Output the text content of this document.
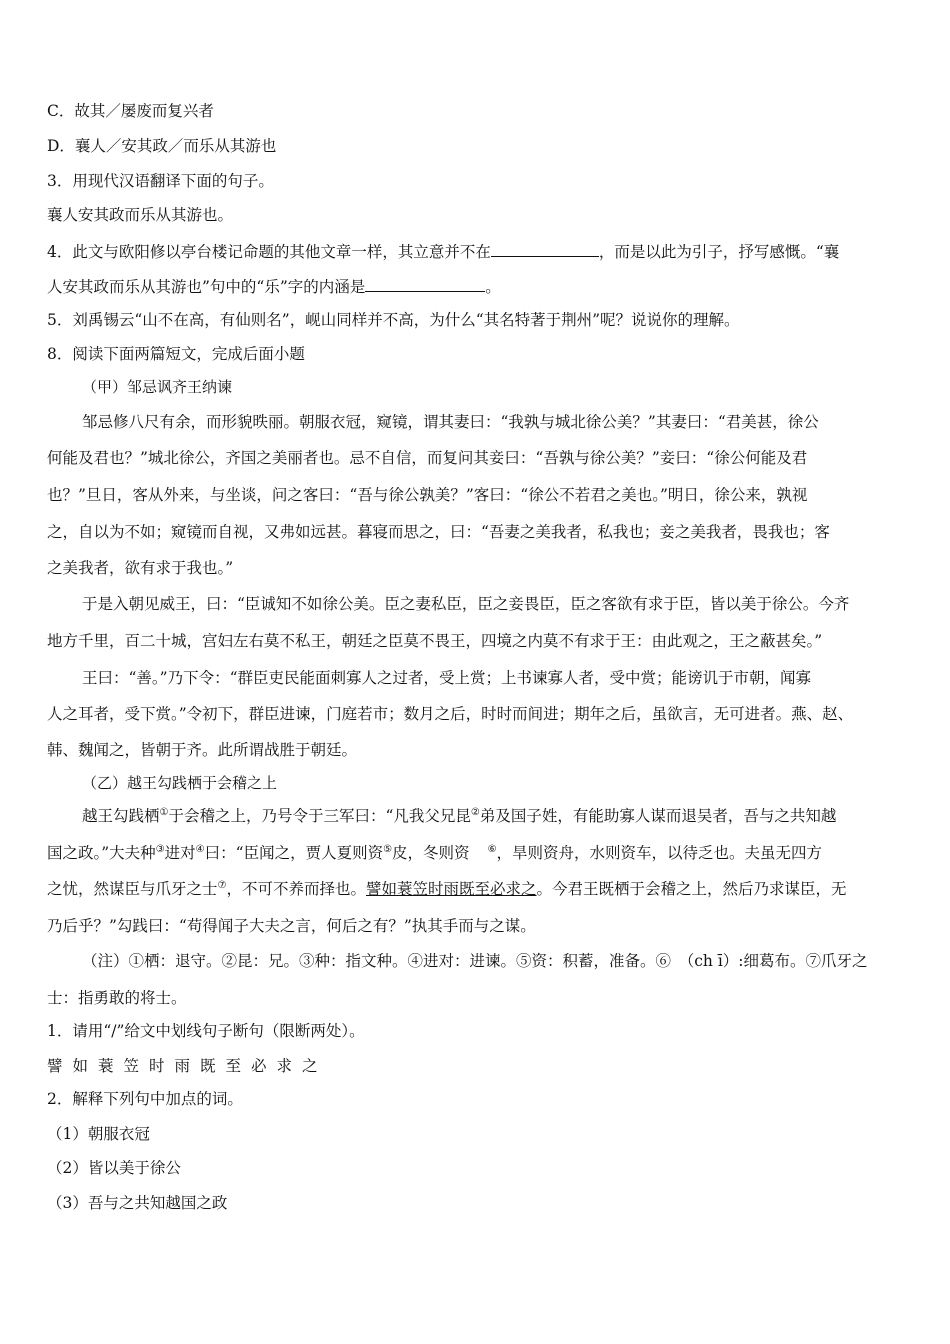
C．故其／屡废而复兴者
D．襄人／安其政／而乐从其游也
3．用现代汉语翻译下面的句子。
襄人安其政而乐从其游也。
4．此文与欧阳修以亭台楼记命题的其他文章一样，其立意并不在	，而是以此为引子，抒写感慨。“襄
人安其政而乐从其游也”句中的“乐”字的内涵是	。
5．刘禹锡云“山不在高，有仙则名”，岘山同样并不高，为什么“其名特著于荆州”呢？说说你的理解。
8．阅读下面两篇短文，完成后面小题
（甲）邹忌讽齐王纳谏
邹忌修八尺有余，而形貌昳丽。朝服衣冠，窥镜，谓其妻曰：“我孰与城北徐公美？”其妻曰：“君美甚，徐公
何能及君也？”城北徐公，齐国之美丽者也。忌不自信，而复问其妾曰：“吾孰与徐公美？”妾曰：“徐公何能及君
也？”旦日，客从外来，与坐谈，问之客曰：“吾与徐公孰美？”客曰：“徐公不若君之美也。”明日，徐公来，孰视
之，自以为不如；窥镜而自视，又弗如远甚。暮寝而思之，曰：“吾妻之美我者，私我也；妾之美我者，畏我也；客
之美我者，欲有求于我也。”
于是入朝见威王，曰：“臣诚知不如徐公美。臣之妻私臣，臣之妾畏臣，臣之客欲有求于臣，皆以美于徐公。今齐
地方千里，百二十城，宫妇左右莫不私王，朝廷之臣莫不畏王，四境之内莫不有求于王：由此观之，王之蔽甚矣。”
王曰：“善。”乃下令：“群臣吏民能面刺寡人之过者，受上赏；上书谏寡人者，受中赏；能谤讥于市朝，闻寡
人之耳者，受下赏。”令初下，群臣进谏，门庭若市；数月之后，时时而间进；期年之后，虽欲言，无可进者。燕、赵、
韩、魏闻之，皆朝于齐。此所谓战胜于朝廷。
（乙）越王勾践栖于会稽之上
越王勾践栖①于会稽之上，乃号令于三军曰：“凡我父兄昆②弟及国子姓，有能助寡人谋而退吴者，吾与之共知越
国之政。”大夫种③进对④曰：“臣闻之，贾人夏则资⑤皮，冬则资 ⑥，旱则资舟，水则资车，以待乏也。夫虽无四方
之忧，然谋臣与爪牙之士⑦，不可不养而择也。譬如蓑笠时雨既至必求之。今君王既栖于会稽之上，然后乃求谋臣，无
乃后乎？”勾践曰：“苟得闻子大夫之言，何后之有？”执其手而与之谋。
（注）①栖：退守。②昆：兄。③种：指文种。④进对：进谏。⑤资：积蓄，准备。⑥　（ch ī）:细葛布。⑦爪牙之
士：指勇敢的将士。
1．请用“/”给文中划线句子断句（限断两处）。
譬如蓑笠时雨既至必求之
2．解释下列句中加点的词。
（1）朝服衣冠
（2）皆以美于徐公
（3）吾与之共知越国之政
